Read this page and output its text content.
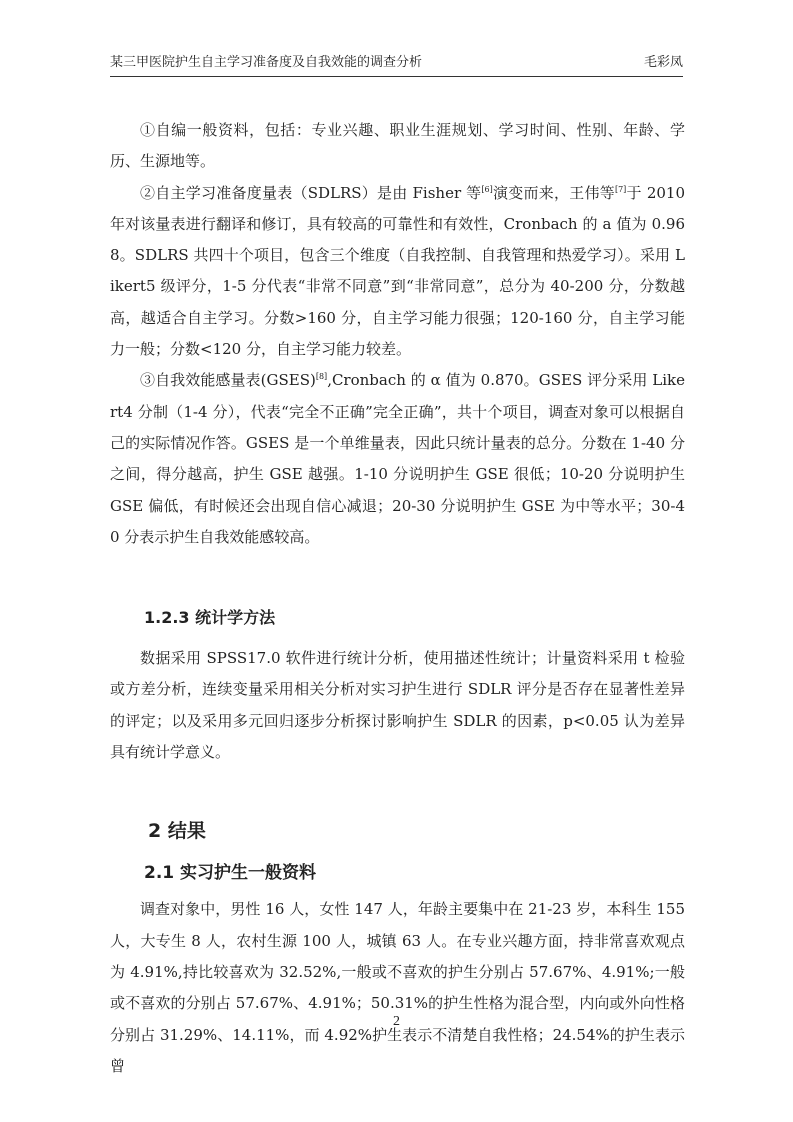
某三甲医院护生自主学习准备度及自我效能的调查分析	毛彩凤

①自编一般资料，包括：专业兴趣、职业生涯规划、学习时间、性别、年龄、学历、生源地等。

②自主学习准备度量表（SDLRS）是由 Fisher 等[6]演变而来，王伟等[7]于 2010 年对该量表进行翻译和修订，具有较高的可靠性和有效性，Cronbach 的 a 值为 0.968。SDLRS 共四十个项目，包含三个维度（自我控制、自我管理和热爱学习）。采用 Likert5 级评分，1-5 分代表“非常不同意”到“非常同意”，总分为 40-200 分，分数越高，越适合自主学习。分数>160 分，自主学习能力很强；120-160 分，自主学习能力一般；分数<120 分，自主学习能力较差。

③自我效能感量表(GSES)[8],Cronbach 的 α 值为 0.870。GSES 评分采用 Likert4 分制（1-4 分），代表“完全不正确”完全正确”，共十个项目，调查对象可以根据自己的实际情况作答。GSES 是一个单维量表，因此只统计量表的总分。分数在 1-40 分之间，得分越高，护生 GSE 越强。1-10 分说明护生 GSE 很低；10-20 分说明护生 GSE 偏低，有时候还会出现自信心减退；20-30 分说明护生 GSE 为中等水平；30-40 分表示护生自我效能感较高。

1.2.3 统计学方法

数据采用 SPSS17.0 软件进行统计分析，使用描述性统计；计量资料采用 t 检验或方差分析，连续变量采用相关分析对实习护生进行 SDLR 评分是否存在显著性差异的评定；以及采用多元回归逐步分析探讨影响护生 SDLR 的因素，p<0.05 认为差异具有统计学意义。

2 结果
2.1 实习护生一般资料

调查对象中，男性 16 人，女性 147 人，年龄主要集中在 21-23 岁，本科生 155 人，大专生 8 人，农村生源 100 人，城镇 63 人。在专业兴趣方面，持非常喜欢观点为 4.91%,持比较喜欢为 32.52%,一般或不喜欢的护生分别占 57.67%、4.91%;一般或不喜欢的分别占 57.67%、4.91%；50.31%的护生性格为混合型，内向或外向性格分别占 31.29%、14.11%，而 4.92%护生表示不清楚自我性格；24.54%的护生表示曾

2
